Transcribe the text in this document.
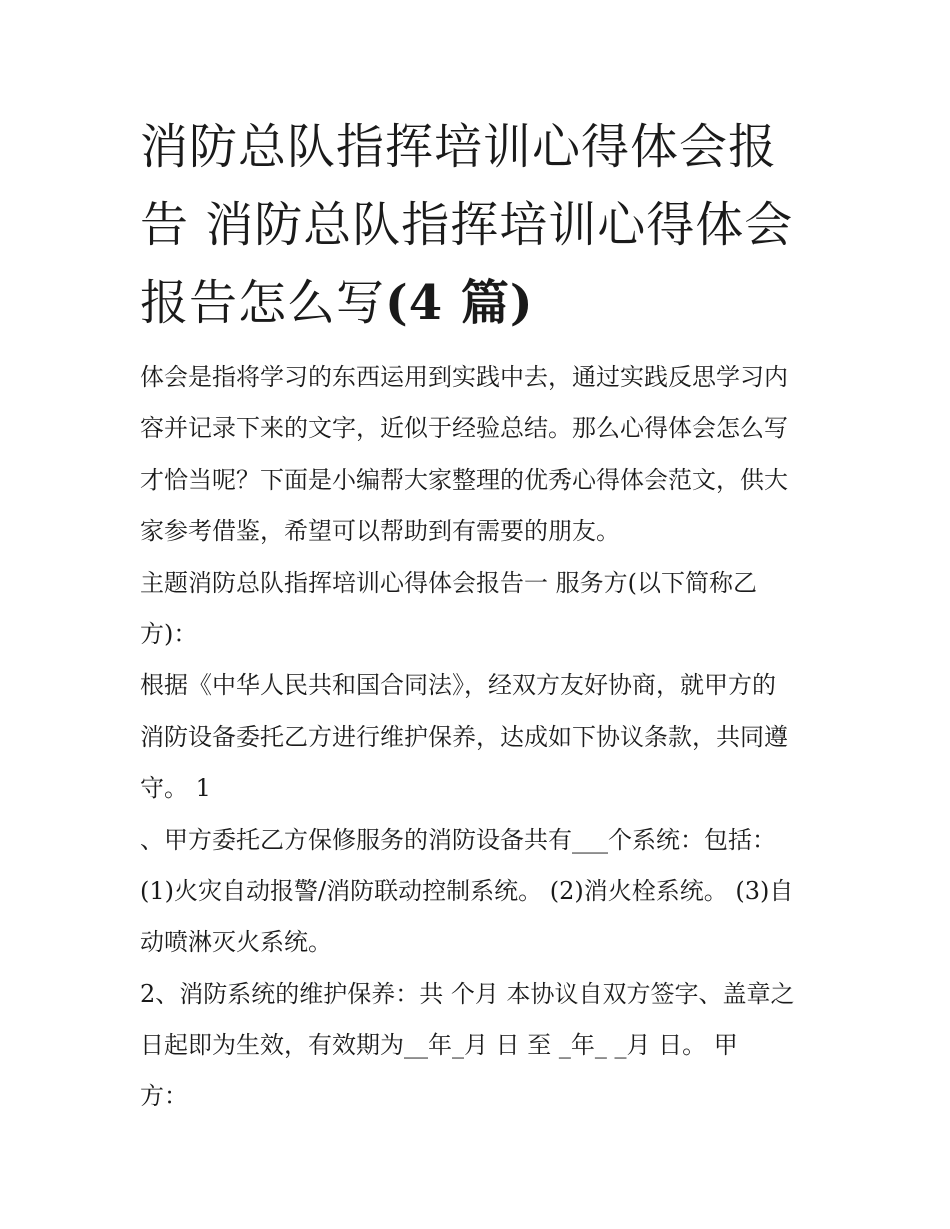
消防总队指挥培训心得体会报
告 消防总队指挥培训心得体会
报告怎么写(4 篇)
体会是指将学习的东西运用到实践中去，通过实践反思学习内
容并记录下来的文字，近似于经验总结。那么心得体会怎么写
才恰当呢？下面是小编帮大家整理的优秀心得体会范文，供大
家参考借鉴，希望可以帮助到有需要的朋友。
主题消防总队指挥培训心得体会报告一 服务方(以下简称乙
方)：
根据《中华人民共和国合同法》，经双方友好协商，就甲方的
消防设备委托乙方进行维护保养，达成如下协议条款，共同遵
守。 1
、甲方委托乙方保修服务的消防设备共有___个系统：包括：
(1)火灾自动报警/消防联动控制系统。 (2)消火栓系统。 (3)自
动喷淋灭火系统。
2、消防系统的维护保养：共 个月 本协议自双方签字、盖章之
日起即为生效，有效期为__年_月 日 至 _年_ _月 日。 甲
方：
